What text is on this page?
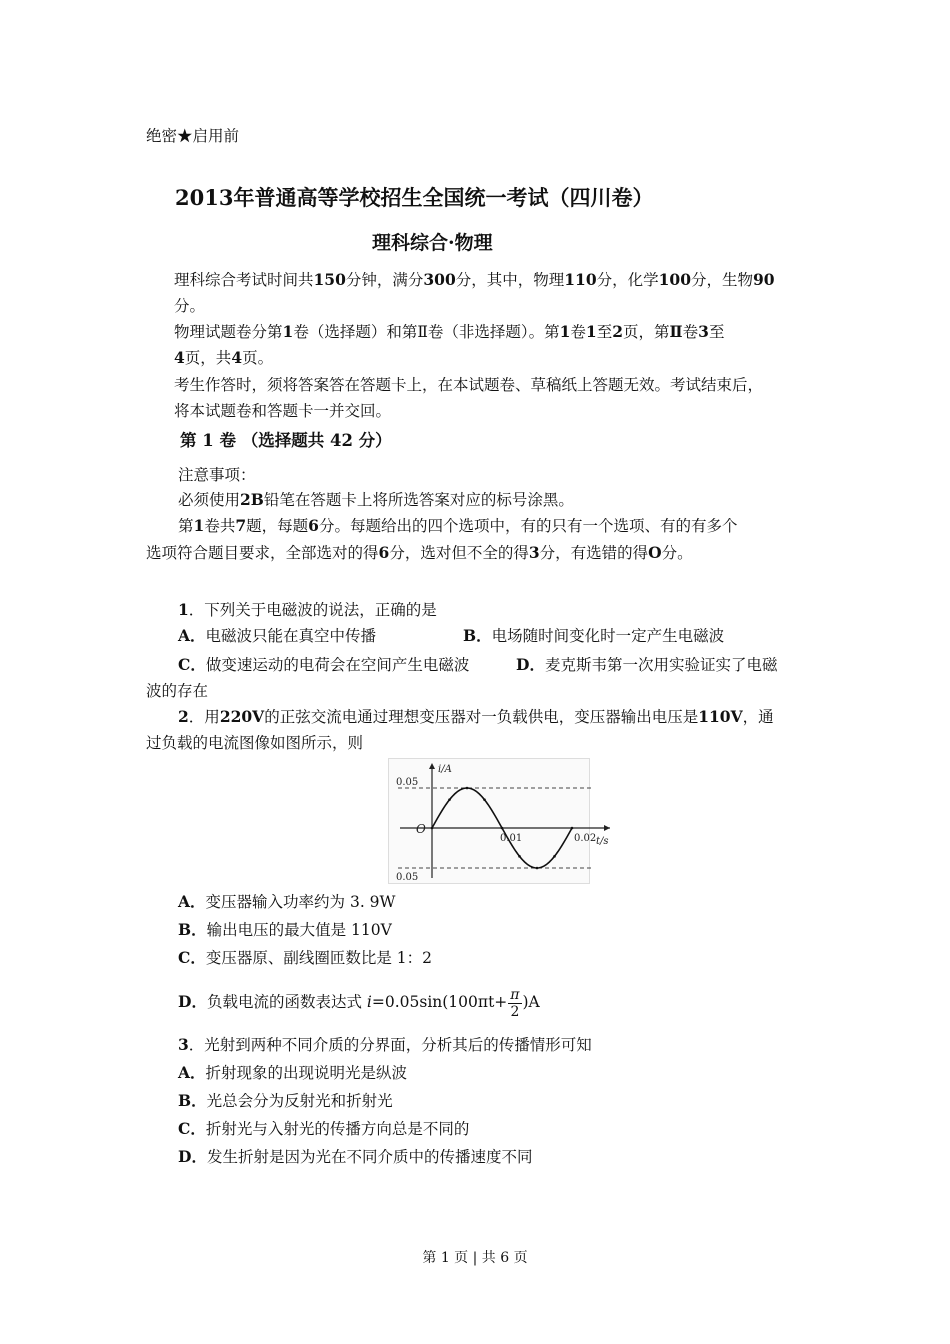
绝密★启用前
2013年普通高等学校招生全国统一考试（四川卷）
理科综合·物理
理科综合考试时间共150分钟，满分300分，其中，物理110分，化学100分，生物90
分。
物理试题卷分第1卷（选择题）和第Ⅱ卷（非选择题）。第1卷1至2页，第Ⅱ卷3至
4页，共4页。
考生作答时，须将答案答在答题卡上，在本试题卷、草稿纸上答题无效。考试结束后，
将本试题卷和答题卡一并交回。
第 1 卷 （选择题共 42 分）
注意事项：
必须使用2B铅笔在答题卡上将所选答案对应的标号涂黑。
第1卷共7题，每题6分。每题给出的四个选项中，有的只有一个选项、有的有多个
选项符合题目要求，全部选对的得6分，选对但不全的得3分，有选错的得O分。
1．下列关于电磁波的说法，正确的是
A．电磁波只能在真空中传播	B．电场随时间变化时一定产生电磁波
C．做变速运动的电荷会在空间产生电磁波	D．麦克斯韦第一次用实验证实了电磁
波的存在
2．用220V的正弦交流电通过理想变压器对一负载供电，变压器输出电压是110V，通
过负载的电流图像如图所示，则
0.05
0.05
O
i/A
t/s
0.01	0.02
A．变压器输入功率约为 3. 9W
B．输出电压的最大值是 110V
C．变压器原、副线圈匝数比是 1：2
D．负载电流的函数表达式 $i=0.05\sin(100\pi t+ \frac{\pi}{2} )A$
3．光射到两种不同介质的分界面，分析其后的传播情形可知
A．折射现象的出现说明光是纵波
B．光总会分为反射光和折射光
C．折射光与入射光的传播方向总是不同的
D．发生折射是因为光在不同介质中的传播速度不同
第 1 页 | 共 6 页
